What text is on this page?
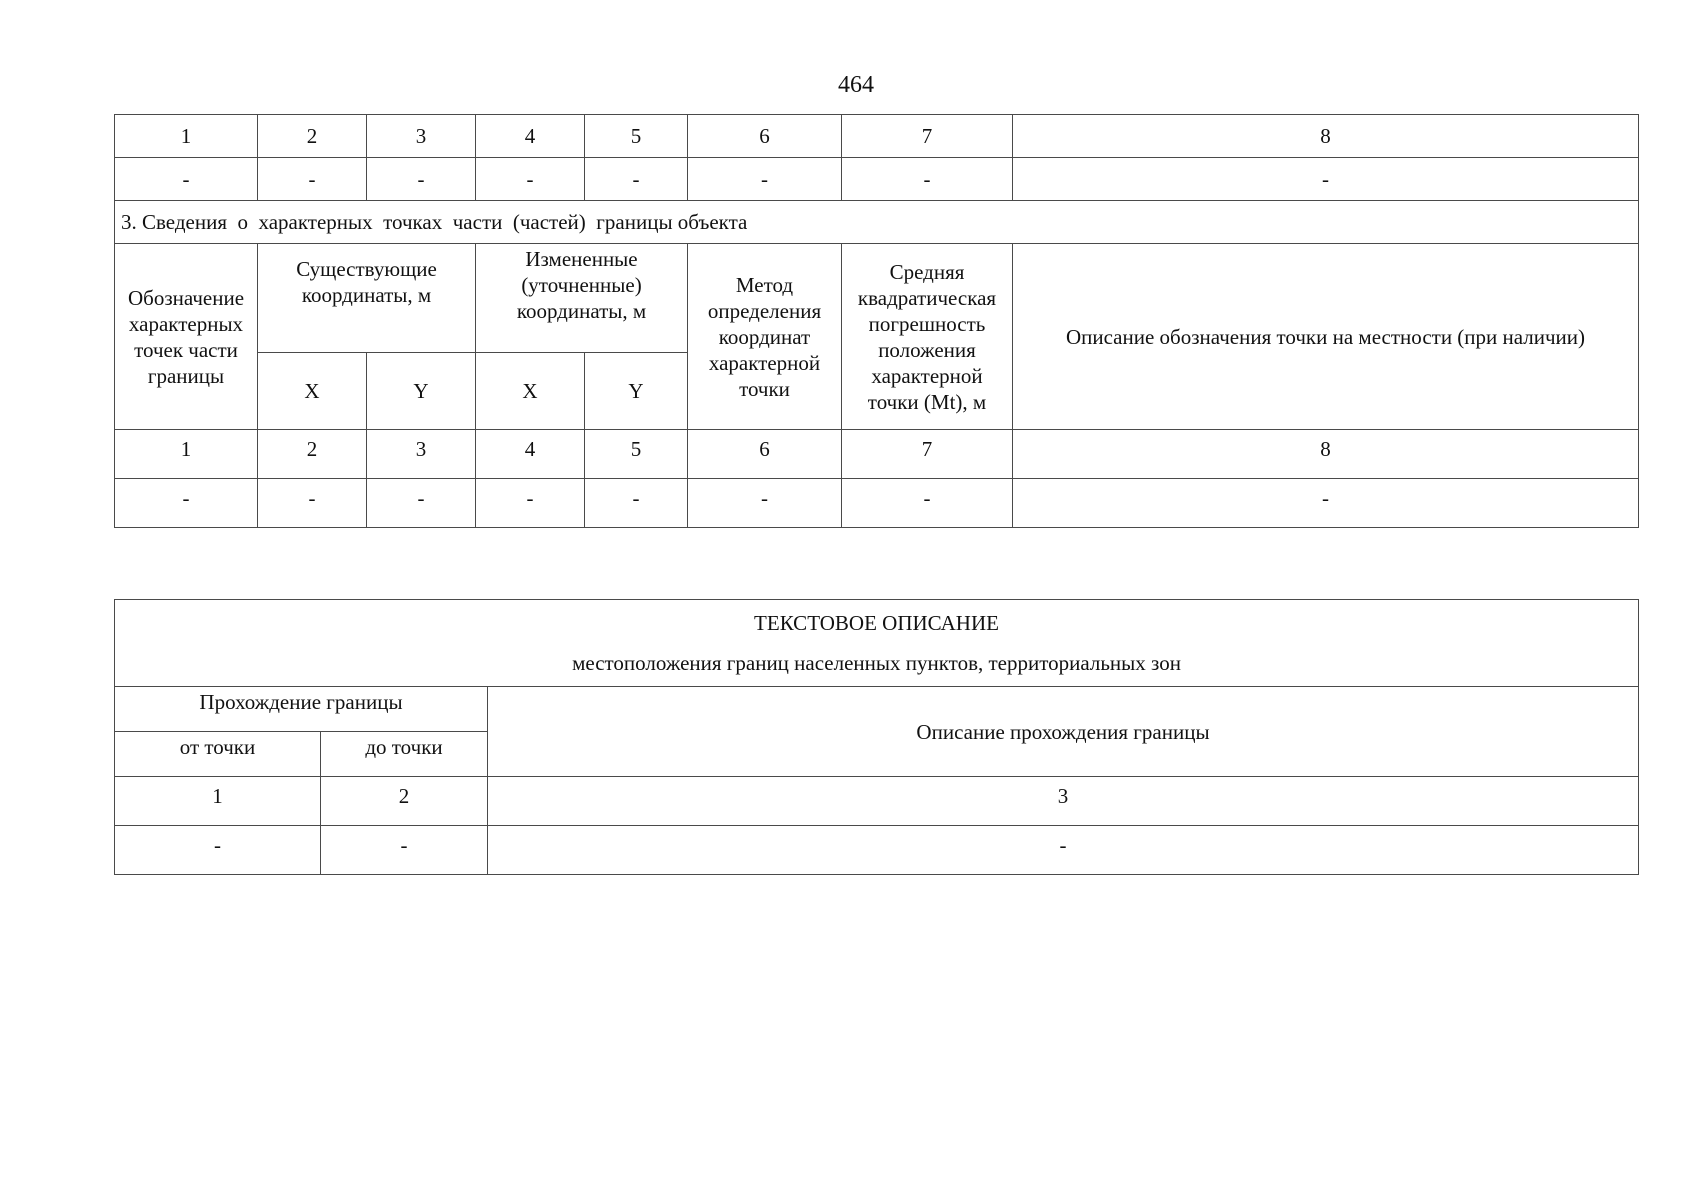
464
1	2	3	4	5	6	7	8
-	-	-	-	-	-	-	-
3. Сведения  о  характерных  точках  части  (частей)  границы объекта							
Обозначение характерных точек части границы	Существующие координаты, м		Измененные (уточненные) координаты, м		Метод определения координат характерной точки	Средняя квадратическая погрешность положения характерной точки (Mt), м	Описание обозначения точки на местности (при наличии)
	X	Y	X	Y			
1	2	3	4	5	6	7	8
-	-	-	-	-	-	-	-
ТЕКСТОВОЕ ОПИСАНИЕ
местоположения границ населенных пунктов, территориальных зон		
Прохождение границы		Описание прохождения границы
от точки	до точки	
1	2	3
-	-	-
